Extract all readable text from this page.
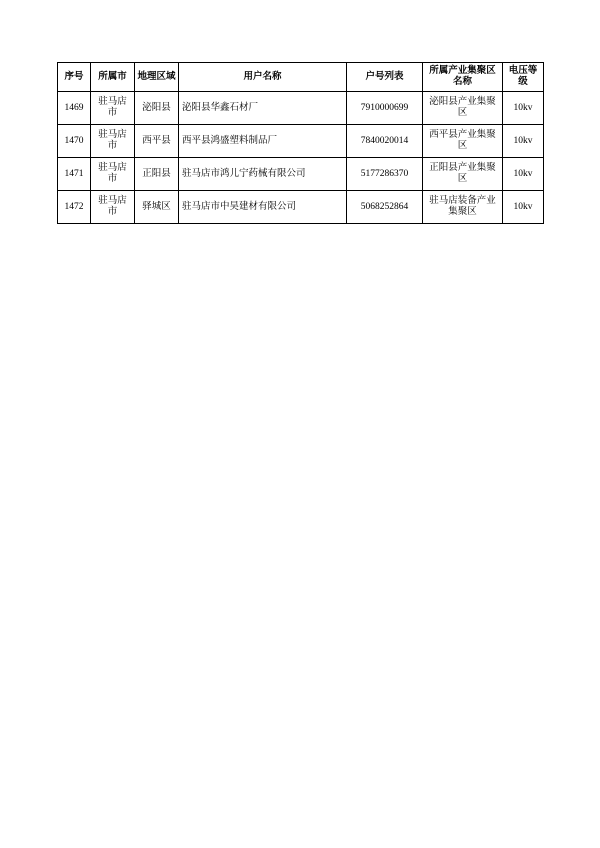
序号	所属市	地理区域	用户名称	户号列表	所属产业集聚区名称	电压等级
1469	驻马店市	泌阳县	泌阳县华鑫石材厂	7910000699	泌阳县产业集聚区	10kv
1470	驻马店市	西平县	西平县鸿盛塑料制品厂	7840020014	西平县产业集聚区	10kv
1471	驻马店市	正阳县	驻马店市鸿儿宁药械有限公司	5177286370	正阳县产业集聚区	10kv
1472	驻马店市	驿城区	驻马店市中昊建材有限公司	5068252864	驻马店装备产业集聚区	10kv
